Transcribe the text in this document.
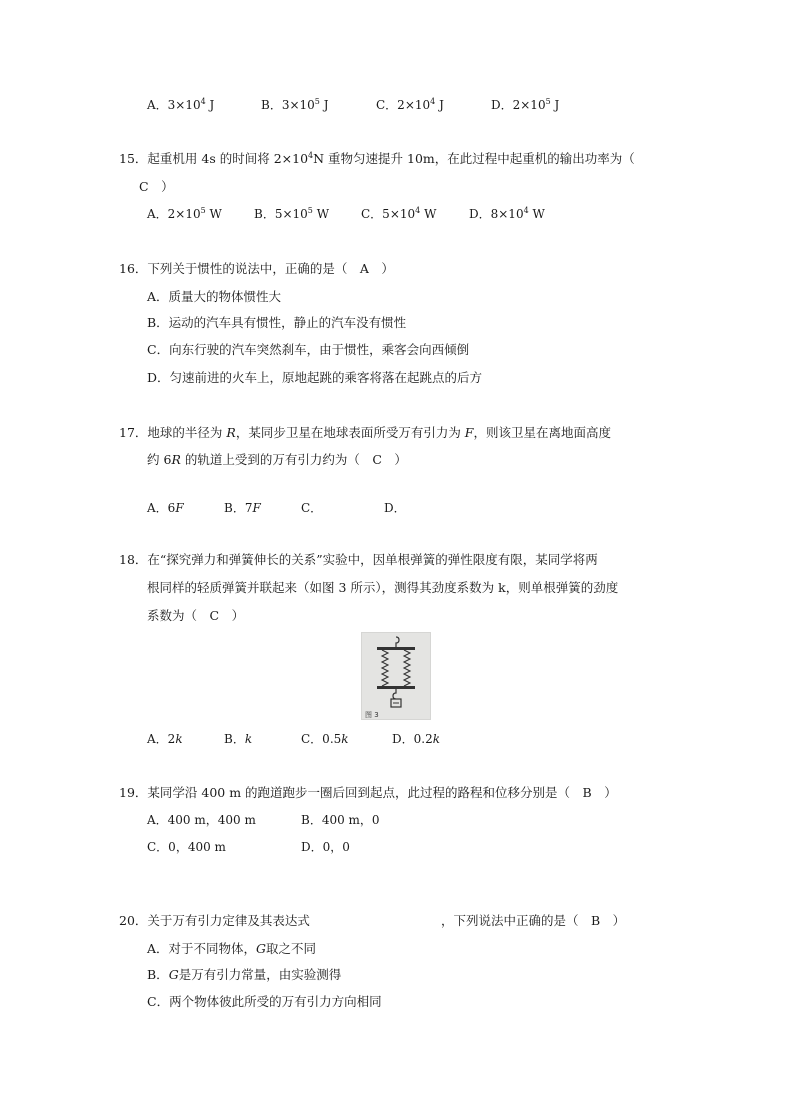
A．$3\times 10^4$ J	B．$3\times 10^5$ J	C．$2\times 10^4$ J	D．$2\times 10^5$ J
15．起重机用 4s 的时间将 $2\times 10^4N$ 重物匀速提升 10m，在此过程中起重机的输出功率为（
C　）
A．$2\times 10^5$ W	B．$5\times 10^5$ W	C．$5\times 10^4$ W	D．$8\times 10^4$ W
16．下列关于惯性的说法中，正确的是（　A　）
A．质量大的物体惯性大
B．运动的汽车具有惯性，静止的汽车没有惯性
C．向东行驶的汽车突然刹车，由于惯性，乘客会向西倾倒
D．匀速前进的火车上，原地起跳的乘客将落在起跳点的后方
17．地球的半径为 R，某同步卫星在地球表面所受万有引力为 F，则该卫星在离地面高度
约 6R 的轨道上受到的万有引力约为（　C　）
A．6F	B．7F	C．	D．
18．在“探究弹力和弹簧伸长的关系”实验中，因单根弹簧的弹性限度有限，某同学将两
根同样的轻质弹簧并联起来（如图 3 所示），测得其劲度系数为 k，则单根弹簧的劲度
系数为（　C　）
图 3
A．2k	B．k	C．0.5k	D．0.2k
19．某同学沿 400 m 的跑道跑步一圈后回到起点，此过程的路程和位移分别是（　B　）
A．400 m，400 m	B．400 m，0
C．0，400 m	D．0，0
20．关于万有引力定律及其表达式	，下列说法中正确的是（　B　）
A．对于不同物体，G取之不同
B．G是万有引力常量，由实验测得
C．两个物体彼此所受的万有引力方向相同
